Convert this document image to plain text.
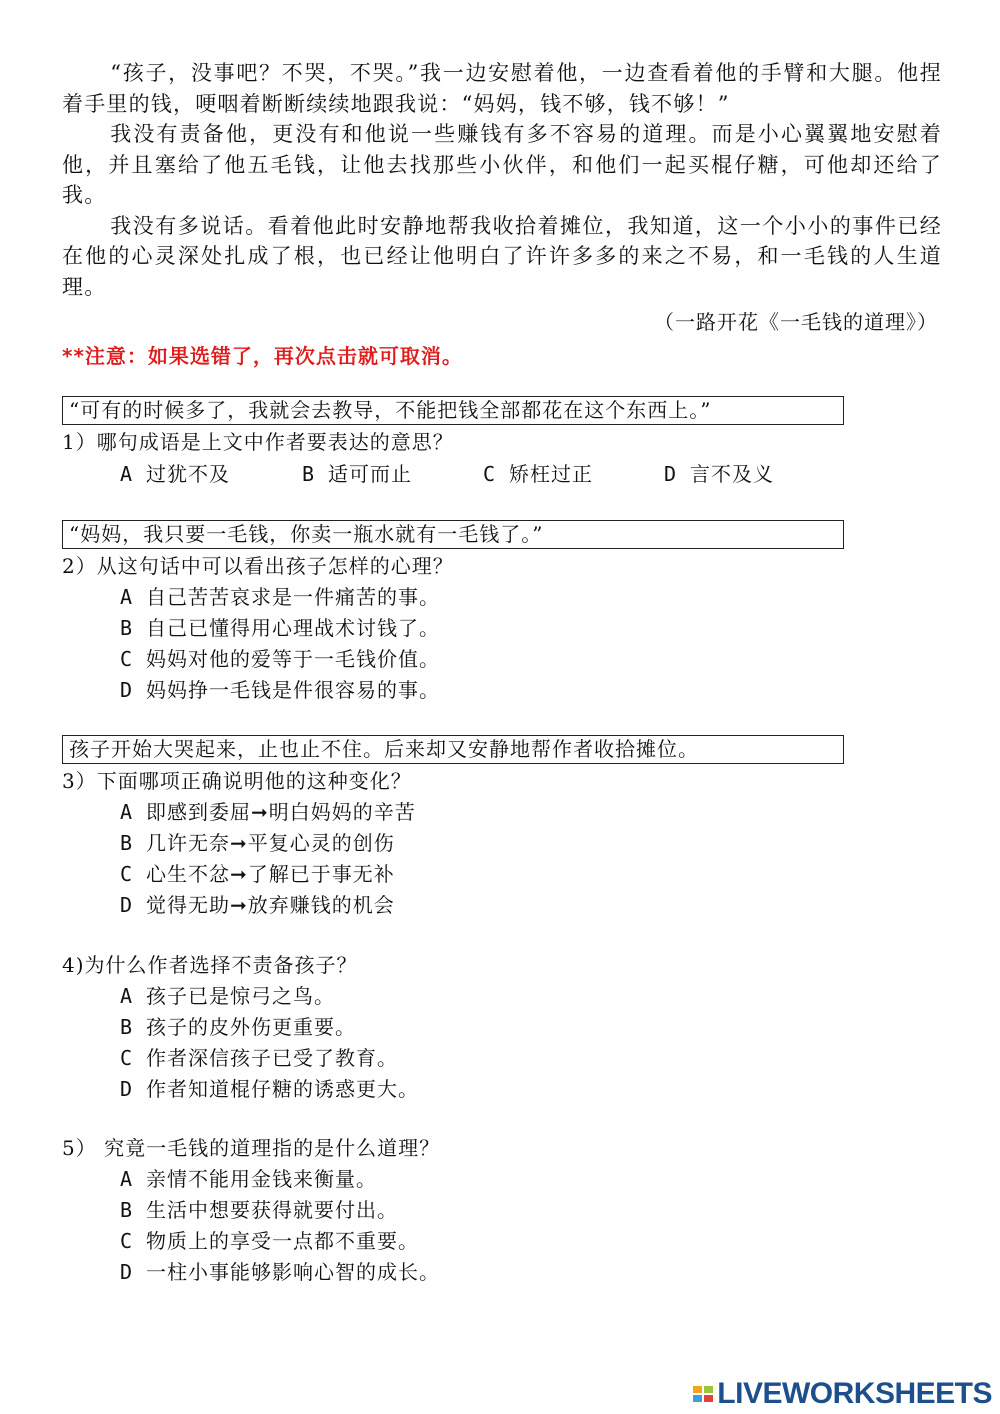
“孩子，没事吧？不哭，不哭。”我一边安慰着他，一边查看着他的手臂和大腿。他捏着手里的钱，哽咽着断断续续地跟我说：“妈妈，钱不够，钱不够！”

我没有责备他，更没有和他说一些赚钱有多不容易的道理。而是小心翼翼地安慰着他，并且塞给了他五毛钱，让他去找那些小伙伴，和他们一起买棍仔糖，可他却还给了我。

我没有多说话。看着他此时安静地帮我收拾着摊位，我知道，这一个小小的事件已经在他的心灵深处扎成了根，也已经让他明白了许许多多的来之不易，和一毛钱的人生道理。

（一路开花《一毛钱的道理》）
**注意：如果选错了，再次点击就可取消。
“可有的时候多了，我就会去教导，不能把钱全部都花在这个东西上。”
1）哪句成语是上文中作者要表达的意思？
A 过犹不及	B 适可而止	C 矫枉过正	D 言不及义
“妈妈，我只要一毛钱，你卖一瓶水就有一毛钱了。”
2）从这句话中可以看出孩子怎样的心理？
A 自己苦苦哀求是一件痛苦的事。
B 自己已懂得用心理战术讨钱了。
C 妈妈对他的爱等于一毛钱价值。
D 妈妈挣一毛钱是件很容易的事。
孩子开始大哭起来，止也止不住。后来却又安静地帮作者收拾摊位。
3）下面哪项正确说明他的这种变化？
A 即感到委屈➞明白妈妈的辛苦
B 几许无奈➞平复心灵的创伤
C 心生不忿➞了解已于事无补
D 觉得无助➞放弃赚钱的机会
4)为什么作者选择不责备孩子？
A 孩子已是惊弓之鸟。
B 孩子的皮外伤更重要。
C 作者深信孩子已受了教育。
D 作者知道棍仔糖的诱惑更大。
5） 究竟一毛钱的道理指的是什么道理？
A 亲情不能用金钱来衡量。
B 生活中想要获得就要付出。
C 物质上的享受一点都不重要。
D 一柱小事能够影响心智的成长。
LIVEWORKSHEETS
